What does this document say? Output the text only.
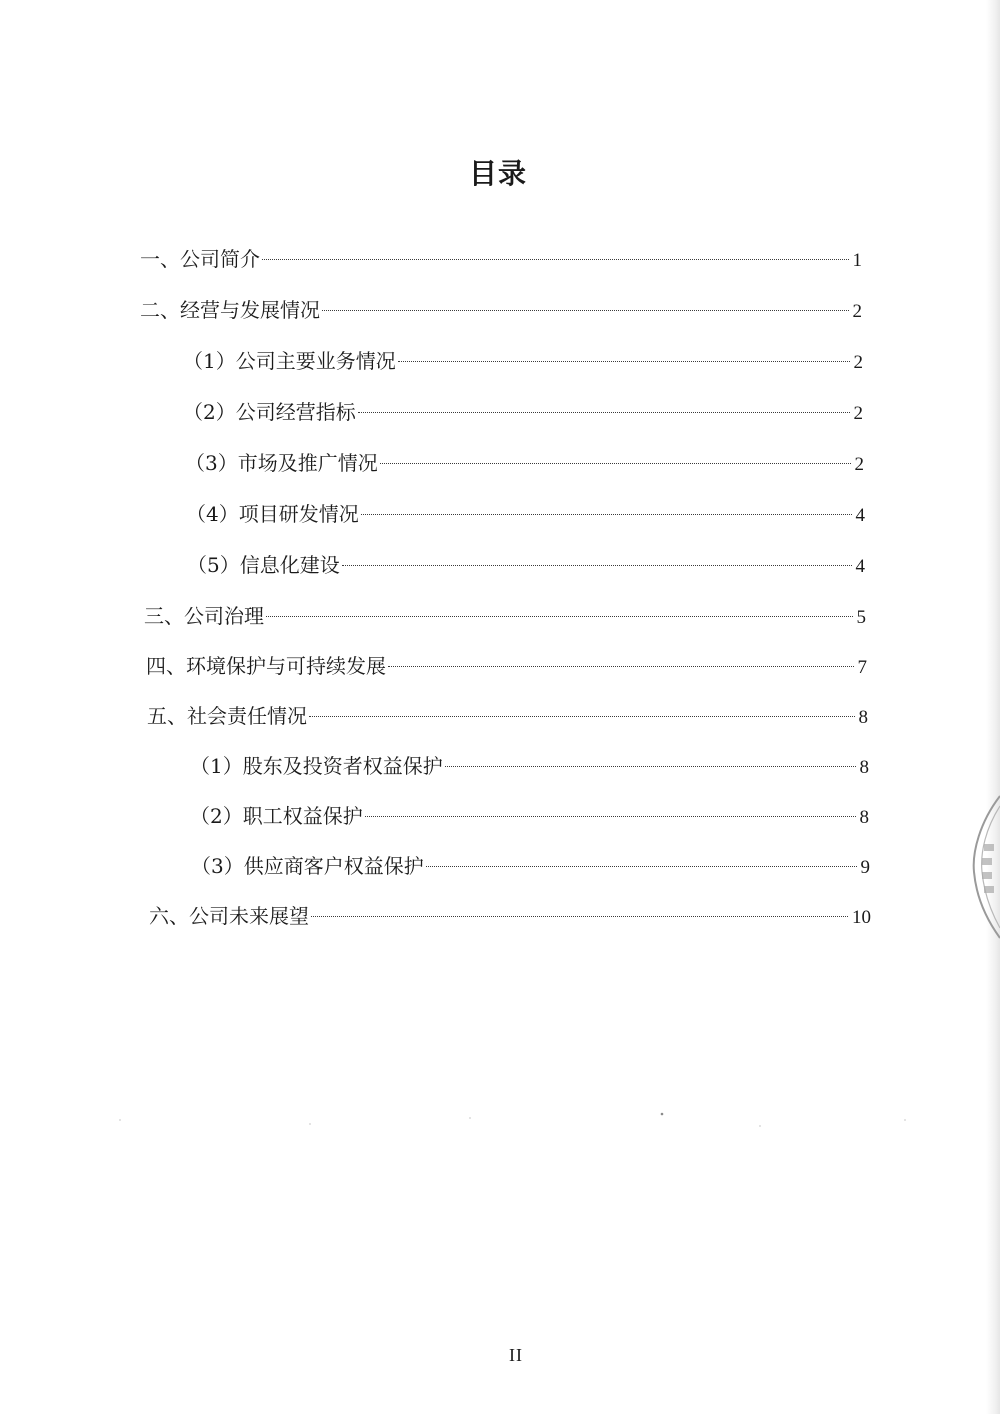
目录
一、公司简介	1
二、经营与发展情况	2
（1）公司主要业务情况	2
（2）公司经营指标	2
（3）市场及推广情况	2
（4）项目研发情况	4
（5）信息化建设	4
三、公司治理	5
四、环境保护与可持续发展	7
五、社会责任情况	8
（1）股东及投资者权益保护	8
（2）职工权益保护	8
（3）供应商客户权益保护	9
六、公司未来展望	10
II
